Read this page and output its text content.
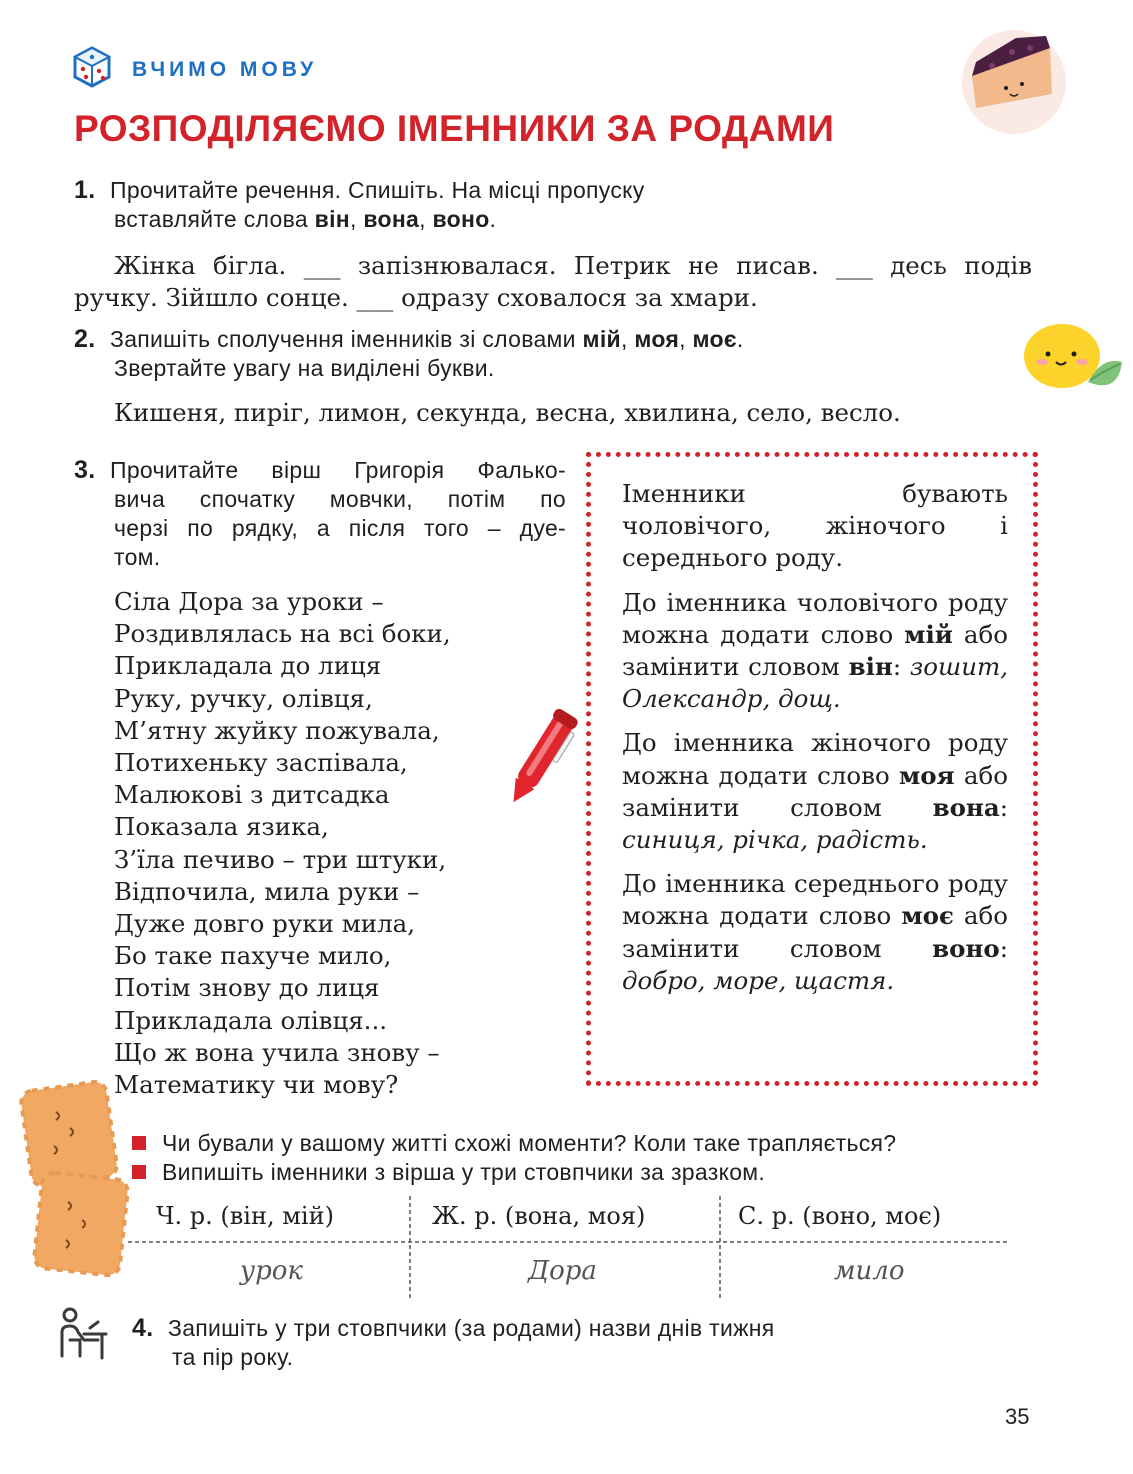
ВЧИМО МОВУ
РОЗПОДІЛЯЄМО ІМЕННИКИ ЗА РОДАМИ
1. Прочитайте речення. Спишіть. На місці пропуску
вставляйте слова він, вона, воно.
Жінка бігла. ___ запізнювалася. Петрик не писав. ___ десь подів ручку. Зійшло сонце. ___ одразу сховалося за хмари.
2. Запишіть сполучення іменників зі словами мій, моя, моє.
Звертайте увагу на виділені букви.
Кишеня, пиріг, лимон, секунда, весна, хвилина, село, весло.
3. Прочитайте вірш Григорія Фалько-
вича спочатку мовчки, потім по
черзі по рядку, а після того – дуе-
том.
Сіла Дора за уроки –
Роздивлялась на всі боки,
Прикладала до лиця
Руку, ручку, олівця,
М’ятну жуйку пожувала,
Потихеньку заспівала,
Малюкові з дитсадка
Показала язика,
З’їла печиво – три штуки,
Відпочила, мила руки –
Дуже довго руки мила,
Бо таке пахуче мило,
Потім знову до лиця
Прикладала олівця...
Що ж вона учила знову –
Математику чи мову?

Іменники бувають чоловічого, жіночого і середнього роду.

До іменника чоловічого роду можна додати слово мій або замінити словом він: зошит, Олександр, дощ.

До іменника жіночого роду можна додати слово моя або замінити словом вона: синиця, річка, радість.

До іменника середнього роду можна додати слово моє або замінити словом воно: добро, море, щастя.

Чи бували у вашому житті схожі моменти? Коли таке трапляється?
Випишіть іменники з вірша у три стовпчики за зразком.
Ч. р. (він, мій)	Ж. р. (вона, моя)	С. р. (воно, моє)
урок	Дора	мило
4. Запишіть у три стовпчики (за родами) назви днів тижня
та пір року.
35
